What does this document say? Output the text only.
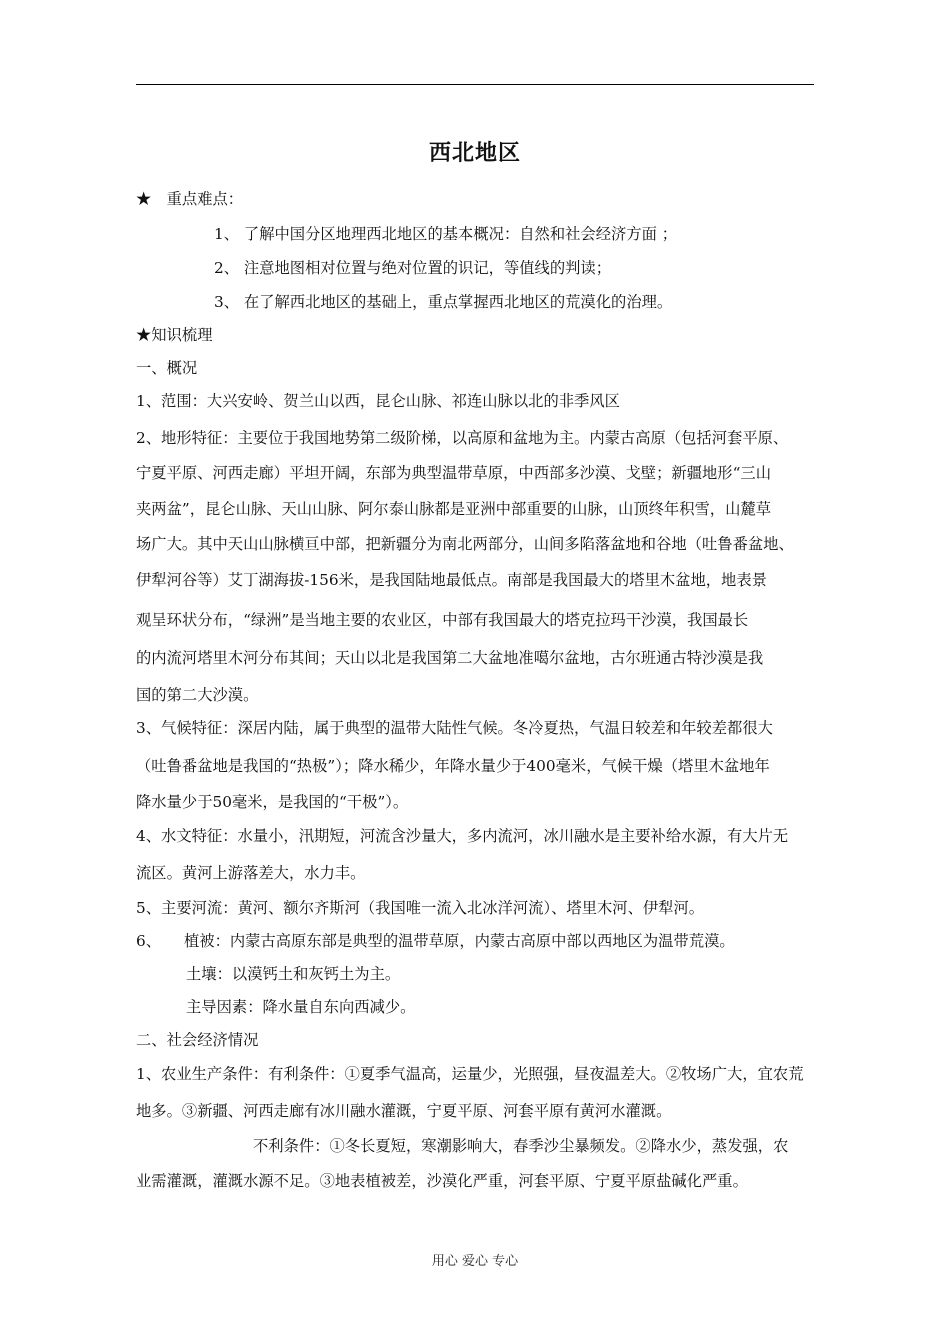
西北地区
★　重点难点：
1、 了解中国分区地理西北地区的基本概况：自然和社会经济方面 ；
2、 注意地图相对位置与绝对位置的识记，等值线的判读；
3、 在了解西北地区的基础上，重点掌握西北地区的荒漠化的治理。
★知识梳理
一、概况
1、范围：大兴安岭、贺兰山以西，昆仑山脉、祁连山脉以北的非季风区
2、地形特征：主要位于我国地势第二级阶梯，以高原和盆地为主。内蒙古高原（包括河套平原、
宁夏平原、河西走廊）平坦开阔，东部为典型温带草原，中西部多沙漠、戈壁；新疆地形“三山
夹两盆”，昆仑山脉、天山山脉、阿尔泰山脉都是亚洲中部重要的山脉，山顶终年积雪，山麓草
场广大。其中天山山脉横亘中部，把新疆分为南北两部分，山间多陷落盆地和谷地（吐鲁番盆地、
伊犁河谷等）艾丁湖海拔-156米，是我国陆地最低点。南部是我国最大的塔里木盆地，地表景
观呈环状分布，“绿洲”是当地主要的农业区，中部有我国最大的塔克拉玛干沙漠，我国最长
的内流河塔里木河分布其间；天山以北是我国第二大盆地准噶尔盆地，古尔班通古特沙漠是我
国的第二大沙漠。
3、气候特征：深居内陆，属于典型的温带大陆性气候。冬冷夏热，气温日较差和年较差都很大
（吐鲁番盆地是我国的“热极”）；降水稀少，年降水量少于400毫米，气候干燥（塔里木盆地年
降水量少于50毫米，是我国的“干极”）。
4、水文特征：水量小，汛期短，河流含沙量大，多内流河，冰川融水是主要补给水源，有大片无
流区。黄河上游落差大，水力丰。
5、主要河流：黄河、额尔齐斯河（我国唯一流入北冰洋河流）、塔里木河、伊犁河。
6、　　植被：内蒙古高原东部是典型的温带草原，内蒙古高原中部以西地区为温带荒漠。
土壤：以漠钙土和灰钙土为主。
主导因素：降水量自东向西减少。
二、社会经济情况
1、农业生产条件：有利条件：①夏季气温高，运量少，光照强，昼夜温差大。②牧场广大，宜农荒
地多。③新疆、河西走廊有冰川融水灌溉，宁夏平原、河套平原有黄河水灌溉。
不利条件：①冬长夏短，寒潮影响大，春季沙尘暴频发。②降水少，蒸发强，农
业需灌溉，灌溉水源不足。③地表植被差，沙漠化严重，河套平原、宁夏平原盐碱化严重。
用心 爱心 专心
